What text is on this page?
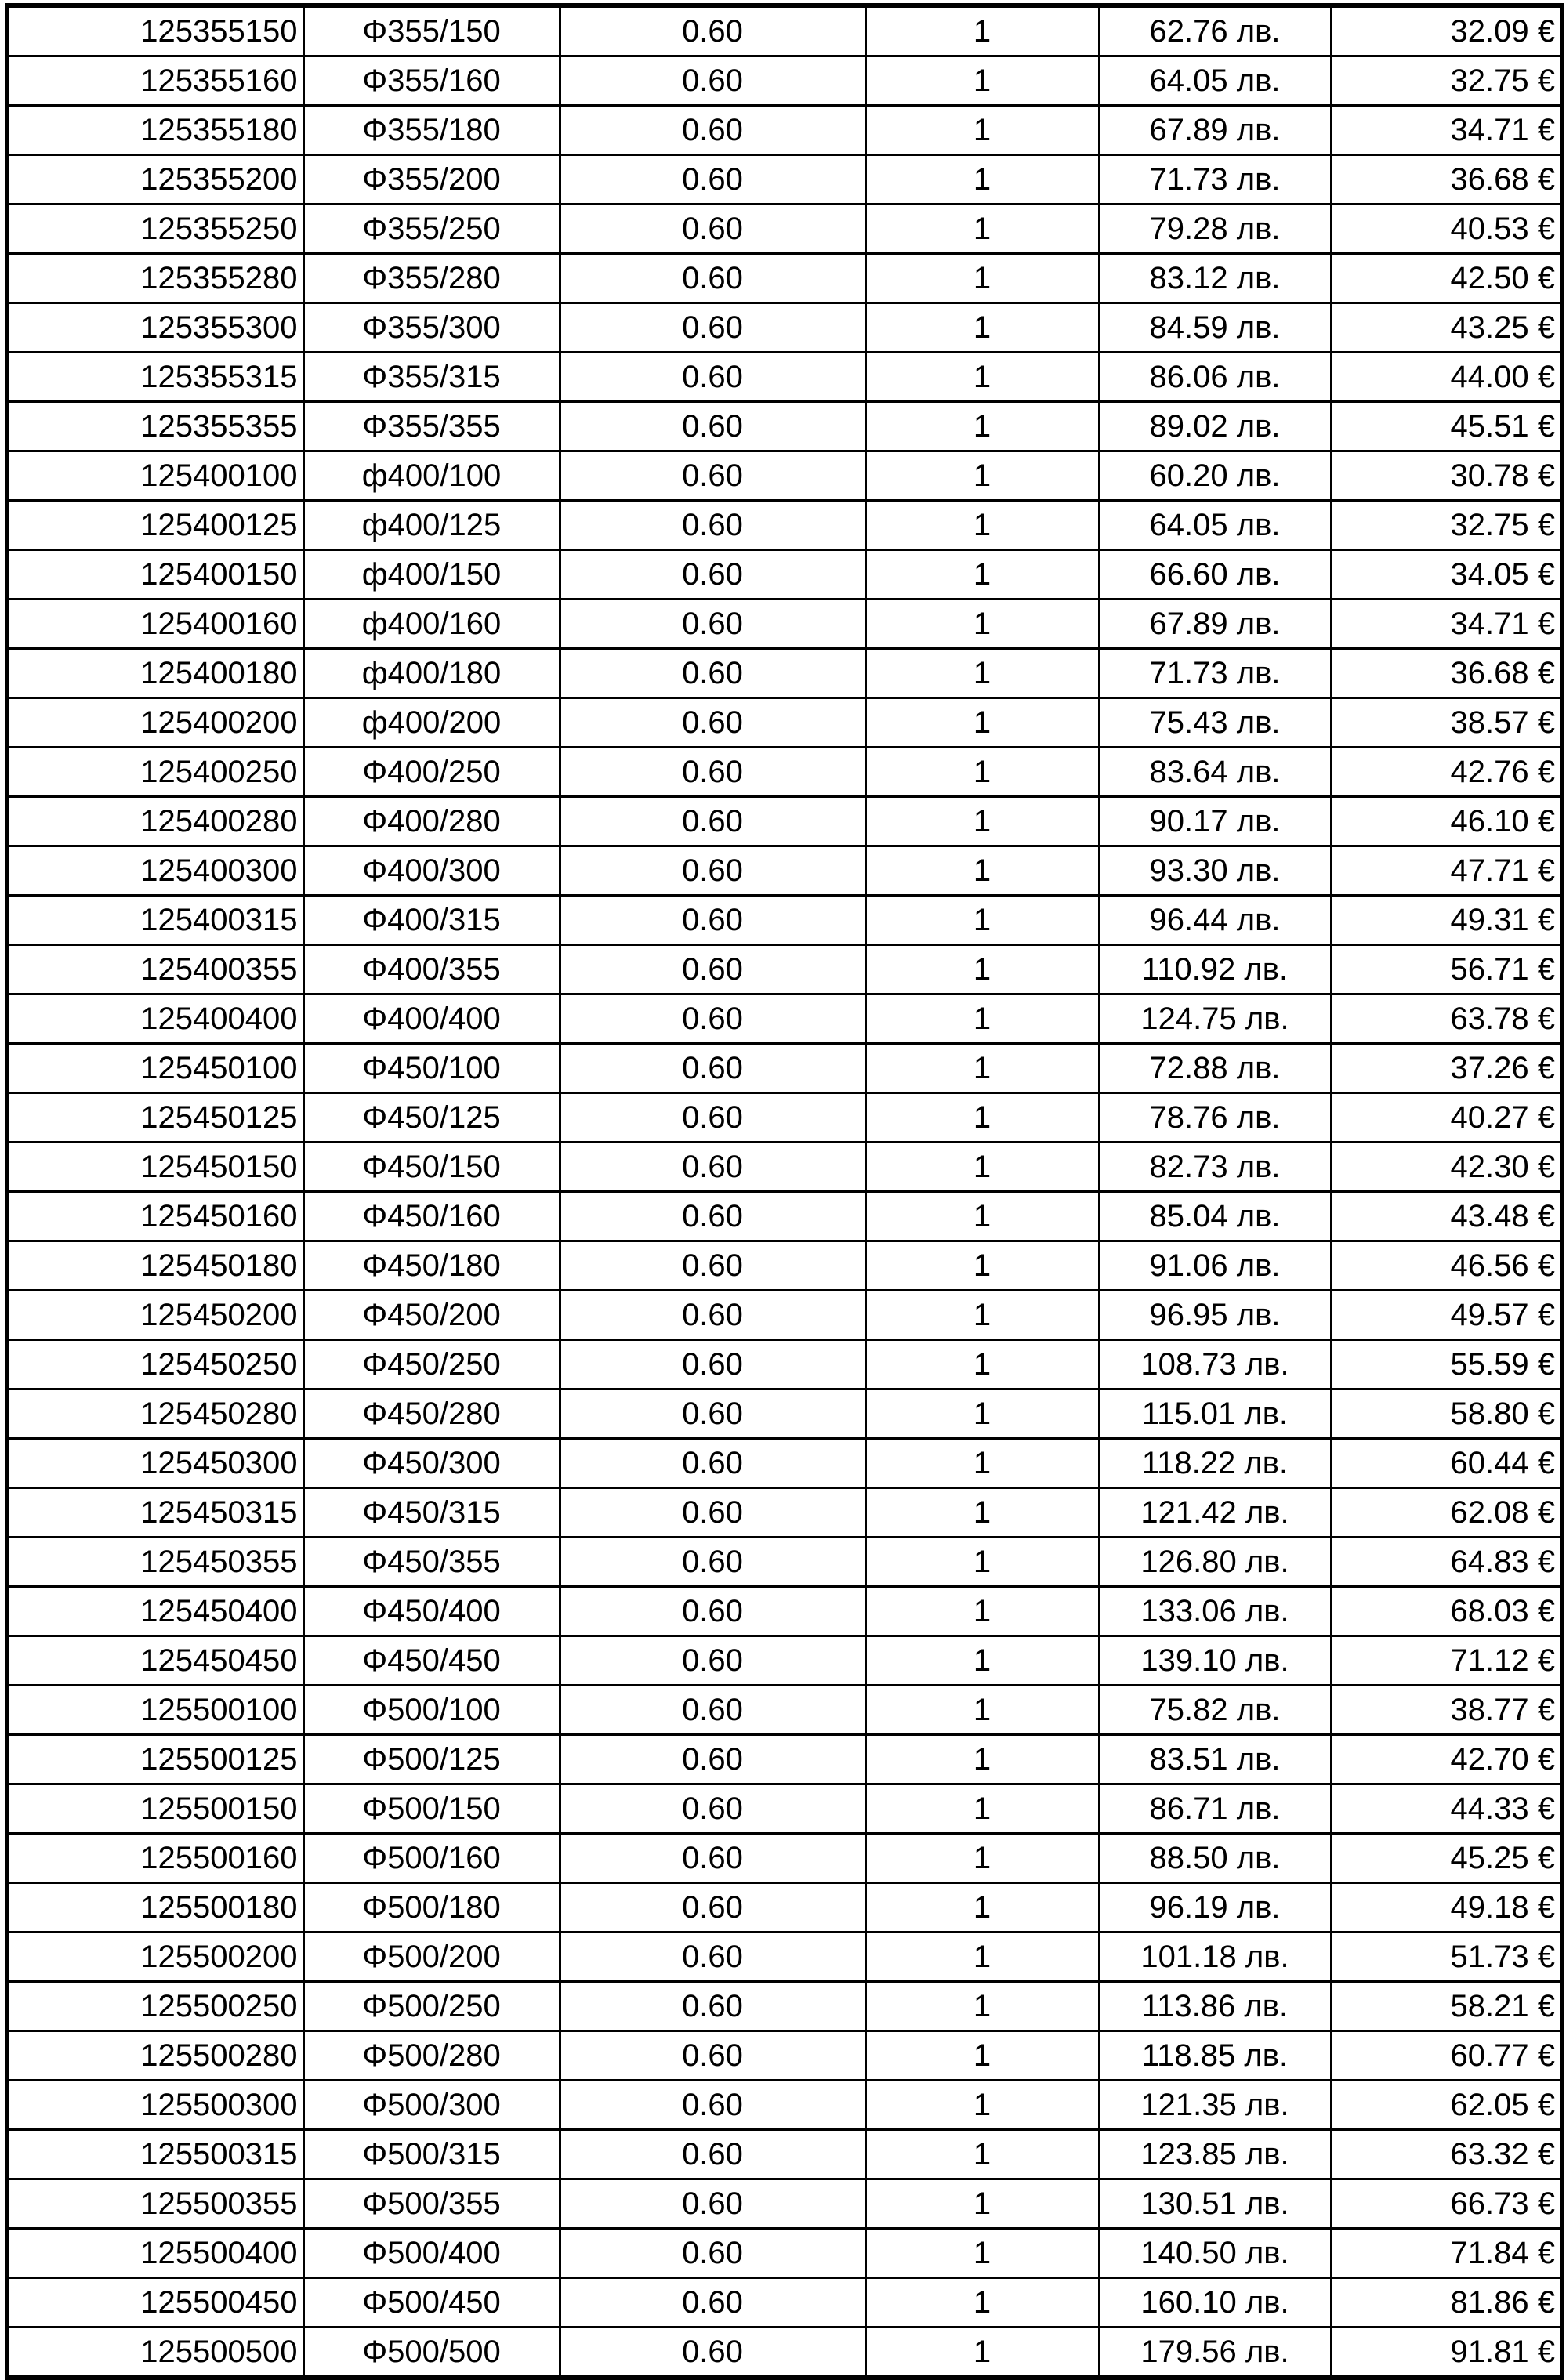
125355150	Φ355/150	0.60	1	62.76 лв.	32.09 €
125355160	Φ355/160	0.60	1	64.05 лв.	32.75 €
125355180	Φ355/180	0.60	1	67.89 лв.	34.71 €
125355200	Φ355/200	0.60	1	71.73 лв.	36.68 €
125355250	Φ355/250	0.60	1	79.28 лв.	40.53 €
125355280	Φ355/280	0.60	1	83.12 лв.	42.50 €
125355300	Φ355/300	0.60	1	84.59 лв.	43.25 €
125355315	Φ355/315	0.60	1	86.06 лв.	44.00 €
125355355	Φ355/355	0.60	1	89.02 лв.	45.51 €
125400100	ф400/100	0.60	1	60.20 лв.	30.78 €
125400125	ф400/125	0.60	1	64.05 лв.	32.75 €
125400150	ф400/150	0.60	1	66.60 лв.	34.05 €
125400160	ф400/160	0.60	1	67.89 лв.	34.71 €
125400180	ф400/180	0.60	1	71.73 лв.	36.68 €
125400200	ф400/200	0.60	1	75.43 лв.	38.57 €
125400250	Φ400/250	0.60	1	83.64 лв.	42.76 €
125400280	Φ400/280	0.60	1	90.17 лв.	46.10 €
125400300	Φ400/300	0.60	1	93.30 лв.	47.71 €
125400315	Φ400/315	0.60	1	96.44 лв.	49.31 €
125400355	Φ400/355	0.60	1	110.92 лв.	56.71 €
125400400	Φ400/400	0.60	1	124.75 лв.	63.78 €
125450100	Φ450/100	0.60	1	72.88 лв.	37.26 €
125450125	Φ450/125	0.60	1	78.76 лв.	40.27 €
125450150	Φ450/150	0.60	1	82.73 лв.	42.30 €
125450160	Φ450/160	0.60	1	85.04 лв.	43.48 €
125450180	Φ450/180	0.60	1	91.06 лв.	46.56 €
125450200	Φ450/200	0.60	1	96.95 лв.	49.57 €
125450250	Φ450/250	0.60	1	108.73 лв.	55.59 €
125450280	Φ450/280	0.60	1	115.01 лв.	58.80 €
125450300	Φ450/300	0.60	1	118.22 лв.	60.44 €
125450315	Φ450/315	0.60	1	121.42 лв.	62.08 €
125450355	Φ450/355	0.60	1	126.80 лв.	64.83 €
125450400	Φ450/400	0.60	1	133.06 лв.	68.03 €
125450450	Φ450/450	0.60	1	139.10 лв.	71.12 €
125500100	Φ500/100	0.60	1	75.82 лв.	38.77 €
125500125	Φ500/125	0.60	1	83.51 лв.	42.70 €
125500150	Φ500/150	0.60	1	86.71 лв.	44.33 €
125500160	Φ500/160	0.60	1	88.50 лв.	45.25 €
125500180	Φ500/180	0.60	1	96.19 лв.	49.18 €
125500200	Φ500/200	0.60	1	101.18 лв.	51.73 €
125500250	Φ500/250	0.60	1	113.86 лв.	58.21 €
125500280	Φ500/280	0.60	1	118.85 лв.	60.77 €
125500300	Φ500/300	0.60	1	121.35 лв.	62.05 €
125500315	Φ500/315	0.60	1	123.85 лв.	63.32 €
125500355	Φ500/355	0.60	1	130.51 лв.	66.73 €
125500400	Φ500/400	0.60	1	140.50 лв.	71.84 €
125500450	Φ500/450	0.60	1	160.10 лв.	81.86 €
125500500	Φ500/500	0.60	1	179.56 лв.	91.81 €
